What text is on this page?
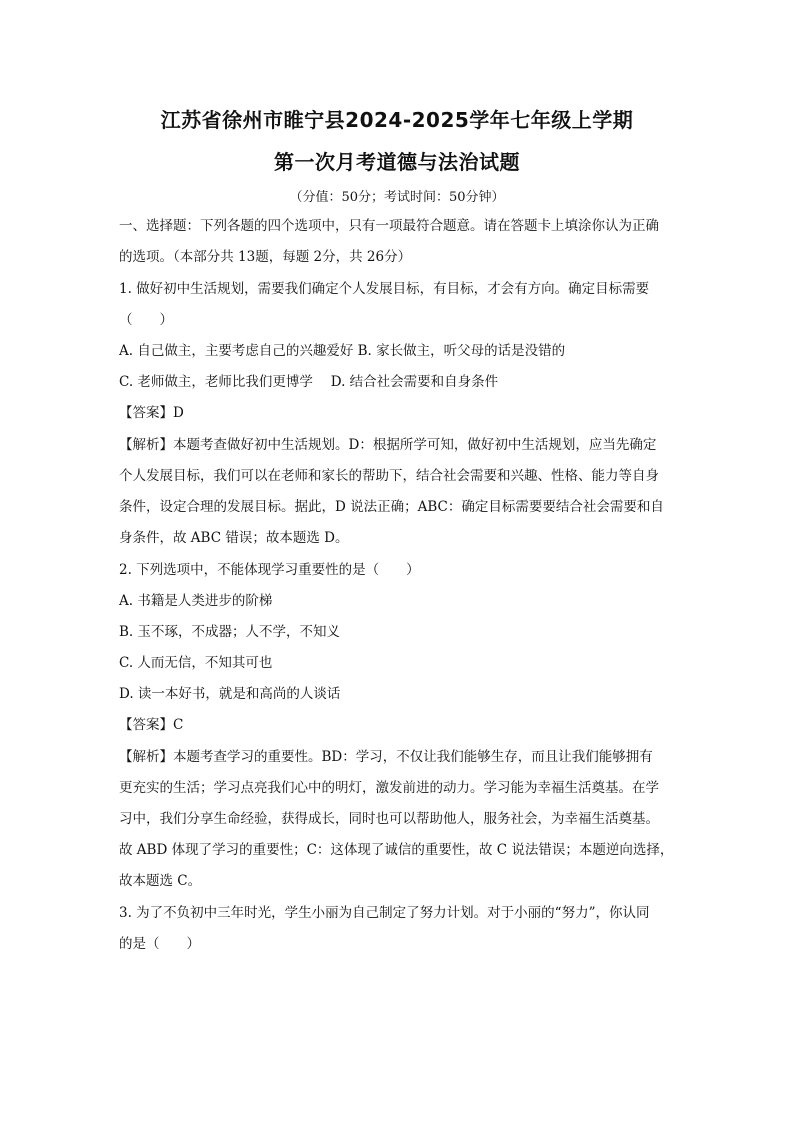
江苏省徐州市睢宁县2024-2025学年七年级上学期
第一次月考道德与法治试题
（分值：50分；考试时间：50分钟）
一、选择题：下列各题的四个选项中，只有一项最符合题意。请在答题卡上填涂你认为正确
的选项。（本部分共 13题，每题 2分，共 26分）
1. 做好初中生活规划，需要我们确定个人发展目标，有目标，才会有方向。确定目标需要
（　　）
A. 自己做主，主要考虑自己的兴趣爱好 B. 家长做主，听父母的话是没错的
C. 老师做主，老师比我们更博学　 D. 结合社会需要和自身条件
【答案】D
【解析】本题考查做好初中生活规划。D：根据所学可知，做好初中生活规划，应当先确定
个人发展目标，我们可以在老师和家长的帮助下，结合社会需要和兴趣、性格、能力等自身
条件，设定合理的发展目标。据此，D 说法正确；ABC：确定目标需要要结合社会需要和自
身条件，故 ABC 错误；故本题选 D。
2. 下列选项中，不能体现学习重要性的是（　　）
A. 书籍是人类进步的阶梯
B. 玉不琢，不成器；人不学，不知义
C. 人而无信，不知其可也
D. 读一本好书，就是和高尚的人谈话
【答案】C
【解析】本题考查学习的重要性。BD：学习，不仅让我们能够生存，而且让我们能够拥有
更充实的生活；学习点亮我们心中的明灯，激发前进的动力。学习能为幸福生活奠基。在学
习中，我们分享生命经验，获得成长，同时也可以帮助他人，服务社会，为幸福生活奠基。
故 ABD 体现了学习的重要性；C：这体现了诚信的重要性，故 C 说法错误；本题逆向选择，
故本题选 C。
3. 为了不负初中三年时光，学生小丽为自己制定了努力计划。对于小丽的“努力”，你认同
的是（　　）
